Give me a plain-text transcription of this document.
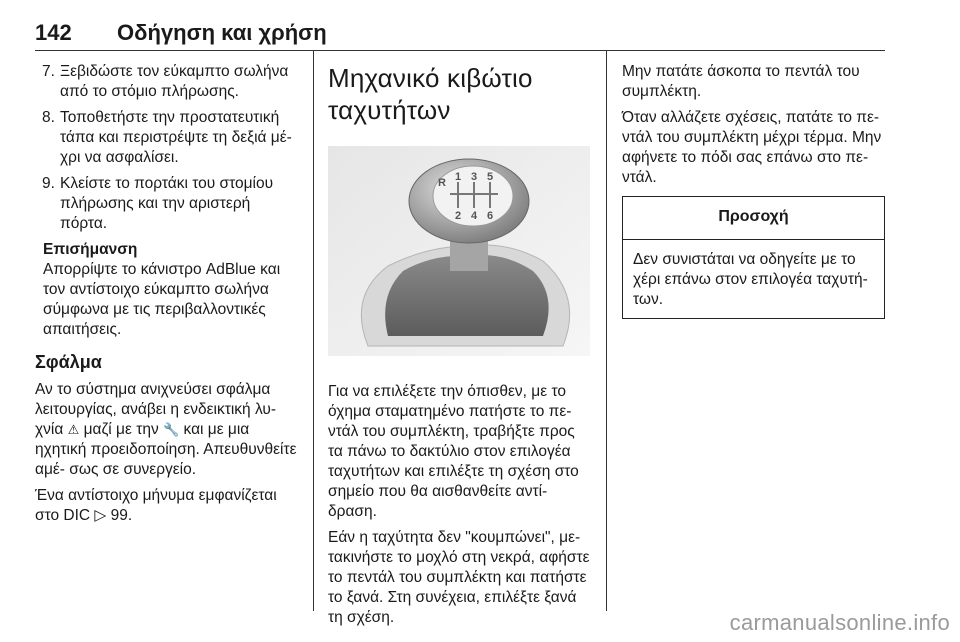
142 Οδήγηση και χρήση
7. Ξεβιδώστε τον εύκαμπτο σωλήνα από το στόμιο πλήρωσης.
8. Τοποθετήστε την προστατευτική τάπα και περιστρέψτε τη δεξιά μέ- χρι να ασφαλίσει.
9. Κλείστε το πορτάκι του στομίου πλήρωσης και την αριστερή πόρτα.
Επισήμανση
Απορρίψτε το κάνιστρο AdBlue και τον αντίστοιχο εύκαμπτο σωλήνα σύμφωνα με τις περιβαλλοντικές απαιτήσεις.
Σφάλμα

Αν το σύστημα ανιχνεύσει σφάλμα λειτουργίας, ανάβει η ενδεικτική λυ- χνία ⚠ μαζί με την 🔧 και με μια ηχητική προειδοποίηση. Απευθυνθείτε αμέ- σως σε συνεργείο.

Ένα αντίστοιχο μήνυμα εμφανίζεται στο DIC ▷ 99.

Μηχανικό κιβώτιο ταχυτήτων
R 1 3 5
2 4 6

Για να επιλέξετε την όπισθεν, με το όχημα σταματημένο πατήστε το πε- ντάλ του συμπλέκτη, τραβήξτε προς τα πάνω το δακτύλιο στον επιλογέα ταχυτήτων και επιλέξτε τη σχέση στο σημείο που θα αισθανθείτε αντί- δραση.

Εάν η ταχύτητα δεν "κουμπώνει", με- τακινήστε το μοχλό στη νεκρά, αφήστε το πεντάλ του συμπλέκτη και πατήστε το ξανά. Στη συνέχεια, επιλέξτε ξανά τη σχέση.

Μην πατάτε άσκοπα το πεντάλ του συμπλέκτη.

Όταν αλλάζετε σχέσεις, πατάτε το πε- ντάλ του συμπλέκτη μέχρι τέρμα. Μην αφήνετε το πόδι σας επάνω στο πε- ντάλ.

Προσοχή
Δεν συνιστάται να οδηγείτε με το χέρι επάνω στον επιλογέα ταχυτή- των.
carmanualsonline.info
